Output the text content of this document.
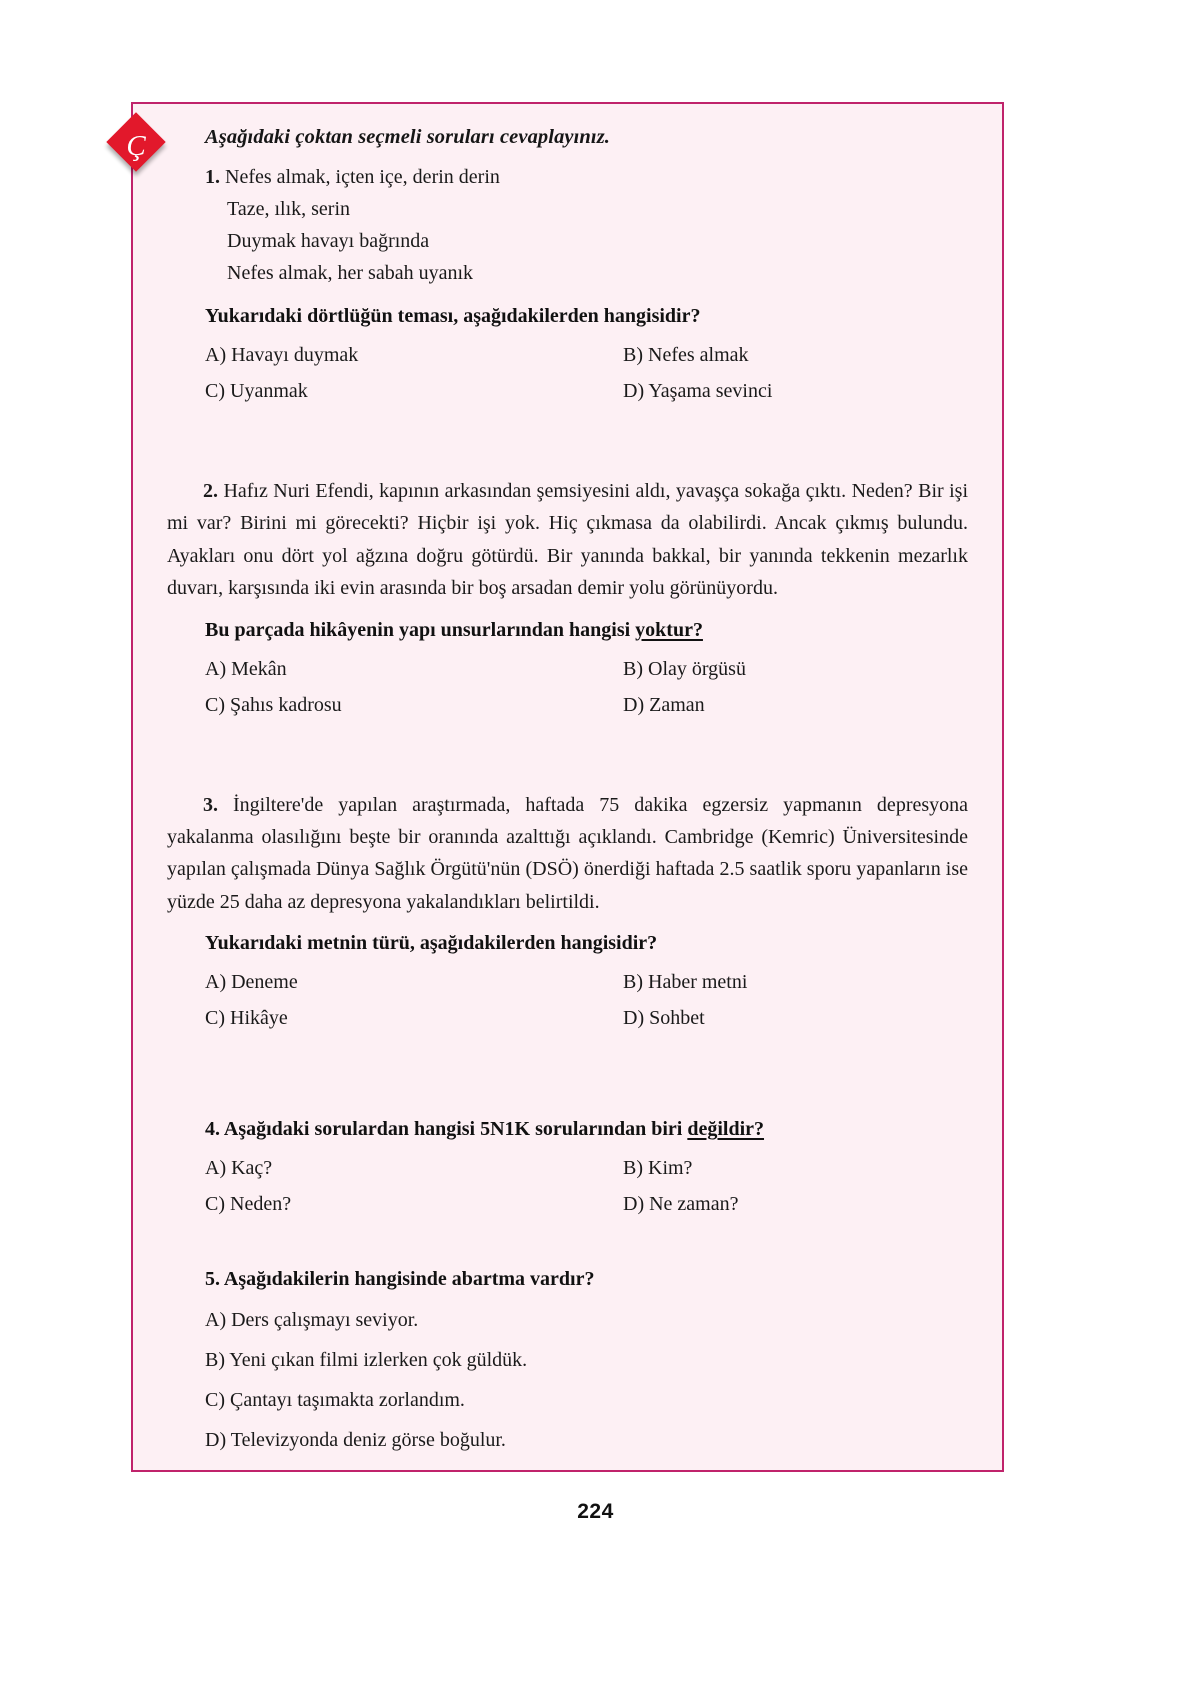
Aşağıdaki çoktan seçmeli soruları cevaplayınız.
1. Nefes almak, içten içe, derin derin
Taze, ılık, serin
Duymak havayı bağrında
Nefes almak, her sabah uyanık
Yukarıdaki dörtlüğün teması, aşağıdakilerden hangisidir?
A) Havayı duymak	B) Nefes almak
C) Uyanmak	D) Yaşama sevinci

2. Hafız Nuri Efendi, kapının arkasından şemsiyesini aldı, yavaşça sokağa çıktı. Neden? Bir işi mi var? Birini mi görecekti? Hiçbir işi yok. Hiç çıkmasa da olabilirdi. Ancak çıkmış bulundu. Ayakları onu dört yol ağzına doğru götürdü. Bir yanında bakkal, bir yanında tekkenin mezarlık duvarı, karşısında iki evin arasında bir boş arsadan demir yolu görünüyordu.

Bu parçada hikâyenin yapı unsurlarından hangisi yoktur?
A) Mekân	B) Olay örgüsü
C) Şahıs kadrosu	D) Zaman

3. İngiltere'de yapılan araştırmada, haftada 75 dakika egzersiz yapmanın depresyona yakalanma olasılığını beşte bir oranında azalttığı açıklandı. Cambridge (Kemric) Üniversitesinde yapılan çalışmada Dünya Sağlık Örgütü'nün (DSÖ) önerdiği haftada 2.5 saatlik sporu yapanların ise yüzde 25 daha az depresyona yakalandıkları belirtildi.

Yukarıdaki metnin türü, aşağıdakilerden hangisidir?
A) Deneme	B) Haber metni
C) Hikâye	D) Sohbet
4. Aşağıdaki sorulardan hangisi 5N1K sorularından biri değildir?
A) Kaç?	B) Kim?
C) Neden?	D) Ne zaman?
5. Aşağıdakilerin hangisinde abartma vardır?
A) Ders çalışmayı seviyor.
B) Yeni çıkan filmi izlerken çok güldük.
C) Çantayı taşımakta zorlandım.
D) Televizyonda deniz görse boğulur.
Ç
224
